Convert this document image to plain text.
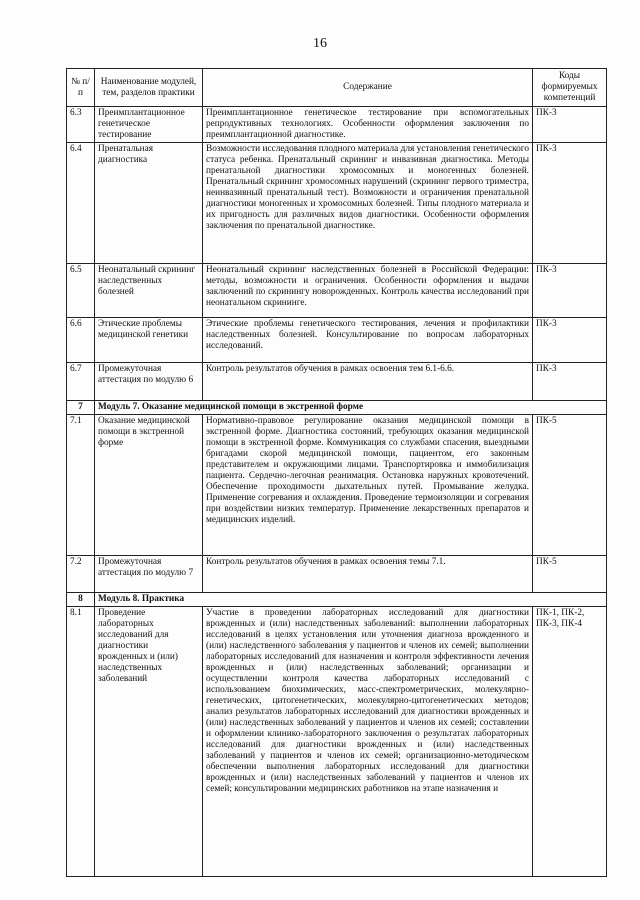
16
№ п/п	Наименование модулей, тем, разделов практики	Содержание	Коды формируемых компетенций
6.3	Преимплантационное генетическое тестирование	Преимплантационное генетическое тестирование при вспомогательных репродуктивных технологиях. Особенности оформления заключения по преимплантационной диагностике.	ПК-3
6.4	Пренатальная диагностика	Возможности исследования плодного материала для установления генетического статуса ребенка. Пренатальный скрининг и инвазивная диагностика. Методы пренатальной диагностики хромосомных и моногенных болезней. Пренатальный скрининг хромосомных нарушений (скрининг первого триместра, неинвазивный пренатальный тест). Возможности и ограничения пренатальной диагностики моногенных и хромосомных болезней. Типы плодного материала и их пригодность для различных видов диагностики. Особенности оформления заключения по пренатальной диагностике.	ПК-3
6.5	Неонатальный скрининг наследственных болезней	Неонатальный скрининг наследственных болезней в Российской Федерации: методы, возможности и ограничения. Особенности оформления и выдачи заключений по скринингу новорожденных. Контроль качества исследований при неонатальном скрининге.	ПК-3
6.6	Этические проблемы медицинской генетики	Этические проблемы генетического тестирования, лечения и профилактики наследственных болезней. Консультирование по вопросам лабораторных исследований.	ПК-3
6.7	Промежуточная аттестация по модулю 6	Контроль результатов обучения в рамках освоения тем 6.1-6.6.	ПК-3
7	Модуль 7. Оказание медицинской помощи в экстренной форме		
7.1	Оказание медицинской помощи в экстренной форме	Нормативно-правовое регулирование оказания медицинской помощи в экстренной форме. Диагностика состояний, требующих оказания медицинской помощи в экстренной форме. Коммуникация со службами спасения, выездными бригадами скорой медицинской помощи, пациентом, его законным представителем и окружающими лицами. Транспортировка и иммобилизация пациента. Сердечно-легочная реанимация. Остановка наружных кровотечений. Обеспечение проходимости дыхательных путей. Промывание желудка. Применение согревания и охлаждения. Проведение термоизоляции и согревания при воздействии низких температур. Применение лекарственных препаратов и медицинских изделий.	ПК-5
7.2	Промежуточная аттестация по модулю 7	Контроль результатов обучения в рамках освоения темы 7.1.	ПК-5
8	Модуль 8. Практика		
8.1	Проведение лабораторных исследований для диагностики врожденных и (или) наследственных заболеваний	Участие в проведении лабораторных исследований для диагностики врожденных и (или) наследственных заболеваний: выполнении лабораторных исследований в целях установления или уточнения диагноза врожденного и (или) наследственного заболевания у пациентов и членов их семей; выполнении лабораторных исследований для назначения и контроля эффективности лечения врожденных и (или) наследственных заболеваний; организации и осуществлении контроля качества лабораторных исследований с использованием биохимических, масс-спектрометрических, молекулярно-генетических, цитогенетических, молекулярно-цитогенетических методов; анализ результатов лабораторных исследований для диагностики врожденных и (или) наследственных заболеваний у пациентов и членов их семей; составлении и оформлении клинико-лабораторного заключения о результатах лабораторных исследований для диагностики врожденных и (или) наследственных заболеваний у пациентов и членов их семей; организационно-методическом обеспечении выполнения лабораторных исследований для диагностики врожденных и (или) наследственных заболеваний у пациентов и членов их семей; консультировании медицинских работников на этапе назначения и	ПК-1, ПК-2, ПК-3, ПК-4
